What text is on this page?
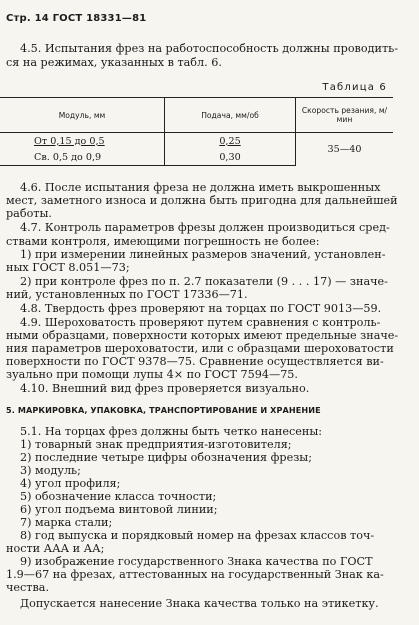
Стр. 14 ГОСТ 18331—81
4.5. Испытания фрез на работоспособность должны проводить-
ся на режимах, указанных в табл. 6.
Таблица 6
Модуль, мм	Подача, мм/об	Скорость резания, м/мин
От 0,15 до 0,5	0,25	35—40
Св. 0,5 до 0,9	0,30	
4.6. После испытания фреза не должна иметь выкрошенных
мест, заметного износа и должна быть пригодна для дальнейшей
работы.
4.7. Контроль параметров фрезы должен производиться сред-
ствами контроля, имеющими погрешность не более:
1) при измерении линейных размеров значений, установлен-
ных ГОСТ 8.051—73;
2) при контроле фрез по п. 2.7 показатели (9 . . . 17) — значе-
ний, установленных по ГОСТ 17336—71.
4.8. Твердость фрез проверяют на торцах по ГОСТ 9013—59.
4.9. Шероховатость проверяют путем сравнения с контроль-
ными образцами, поверхности которых имеют предельные значе-
ния параметров шероховатости, или с образцами шероховатости
поверхности по ГОСТ 9378—75. Сравнение осуществляется ви-
зуально при помощи лупы 4× по ГОСТ 7594—75.
4.10. Внешний вид фрез проверяется визуально.
5. МАРКИРОВКА, УПАКОВКА, ТРАНСПОРТИРОВАНИЕ И ХРАНЕНИЕ
5.1. На торцах фрез должны быть четко нанесены:
1) товарный знак предприятия-изготовителя;
2) последние четыре цифры обозначения фрезы;
3) модуль;
4) угол профиля;
5) обозначение класса точности;
6) угол подъема винтовой линии;
7) марка стали;
8) год выпуска и порядковый номер на фрезах классов точ-
ности ААА и АА;
9) изображение государственного Знака качества по ГОСТ
1.9—67 на фрезах, аттестованных на государственный Знак ка-
чества.
Допускается нанесение Знака качества только на этикетку.
